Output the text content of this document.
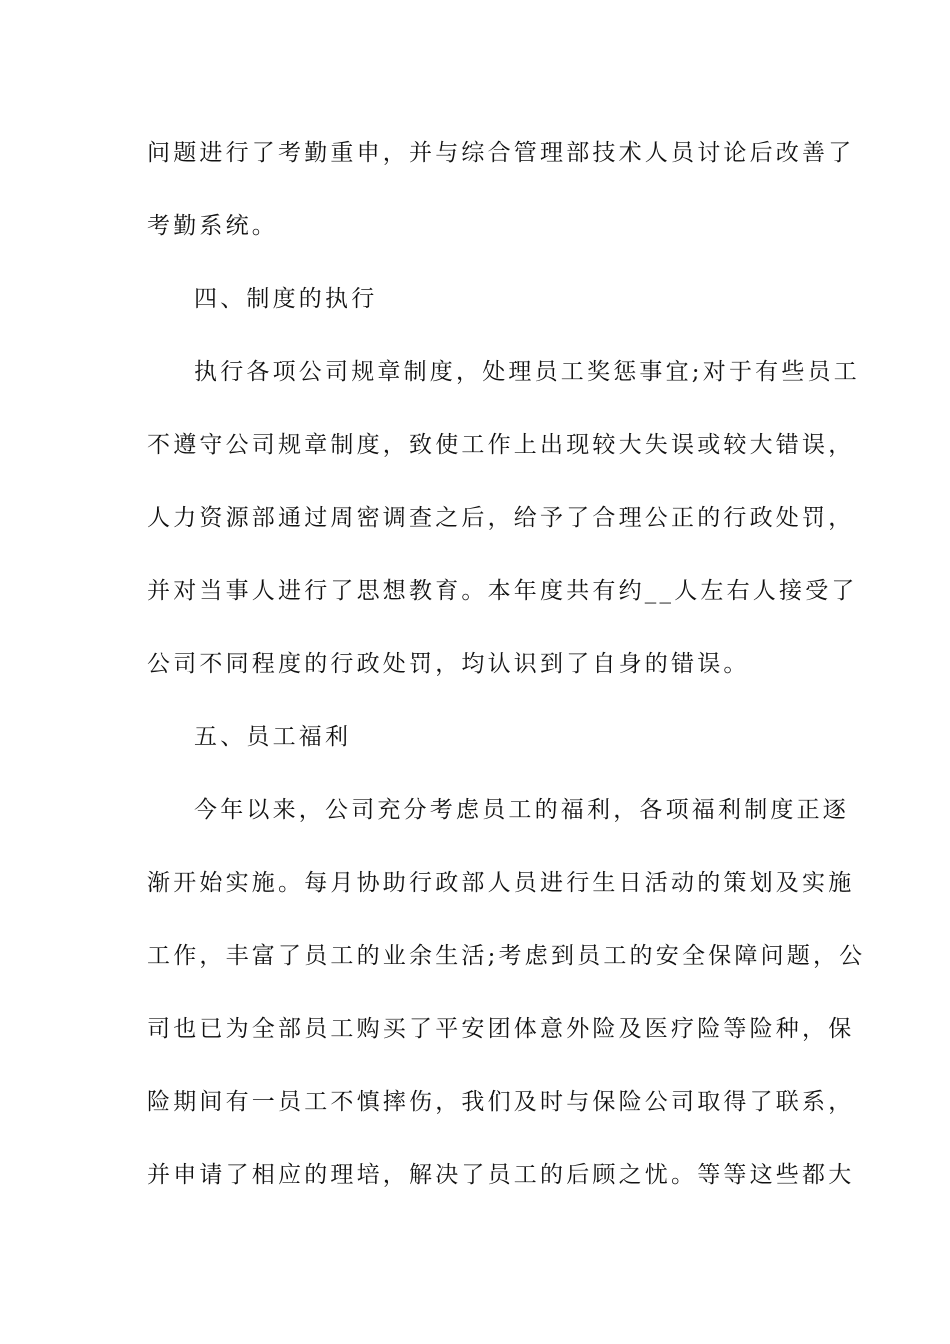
问题进行了考勤重申，并与综合管理部技术人员讨论后改善了
考勤系统。
四、制度的执行
执行各项公司规章制度，处理员工奖惩事宜;对于有些员工
不遵守公司规章制度，致使工作上出现较大失误或较大错误，
人力资源部通过周密调查之后，给予了合理公正的行政处罚，
并对当事人进行了思想教育。本年度共有约__人左右人接受了
公司不同程度的行政处罚，均认识到了自身的错误。
五、员工福利
今年以来，公司充分考虑员工的福利，各项福利制度正逐
渐开始实施。每月协助行政部人员进行生日活动的策划及实施
工作，丰富了员工的业余生活;考虑到员工的安全保障问题，公
司也已为全部员工购买了平安团体意外险及医疗险等险种，保
险期间有一员工不慎摔伤，我们及时与保险公司取得了联系，
并申请了相应的理培，解决了员工的后顾之忧。等等这些都大
